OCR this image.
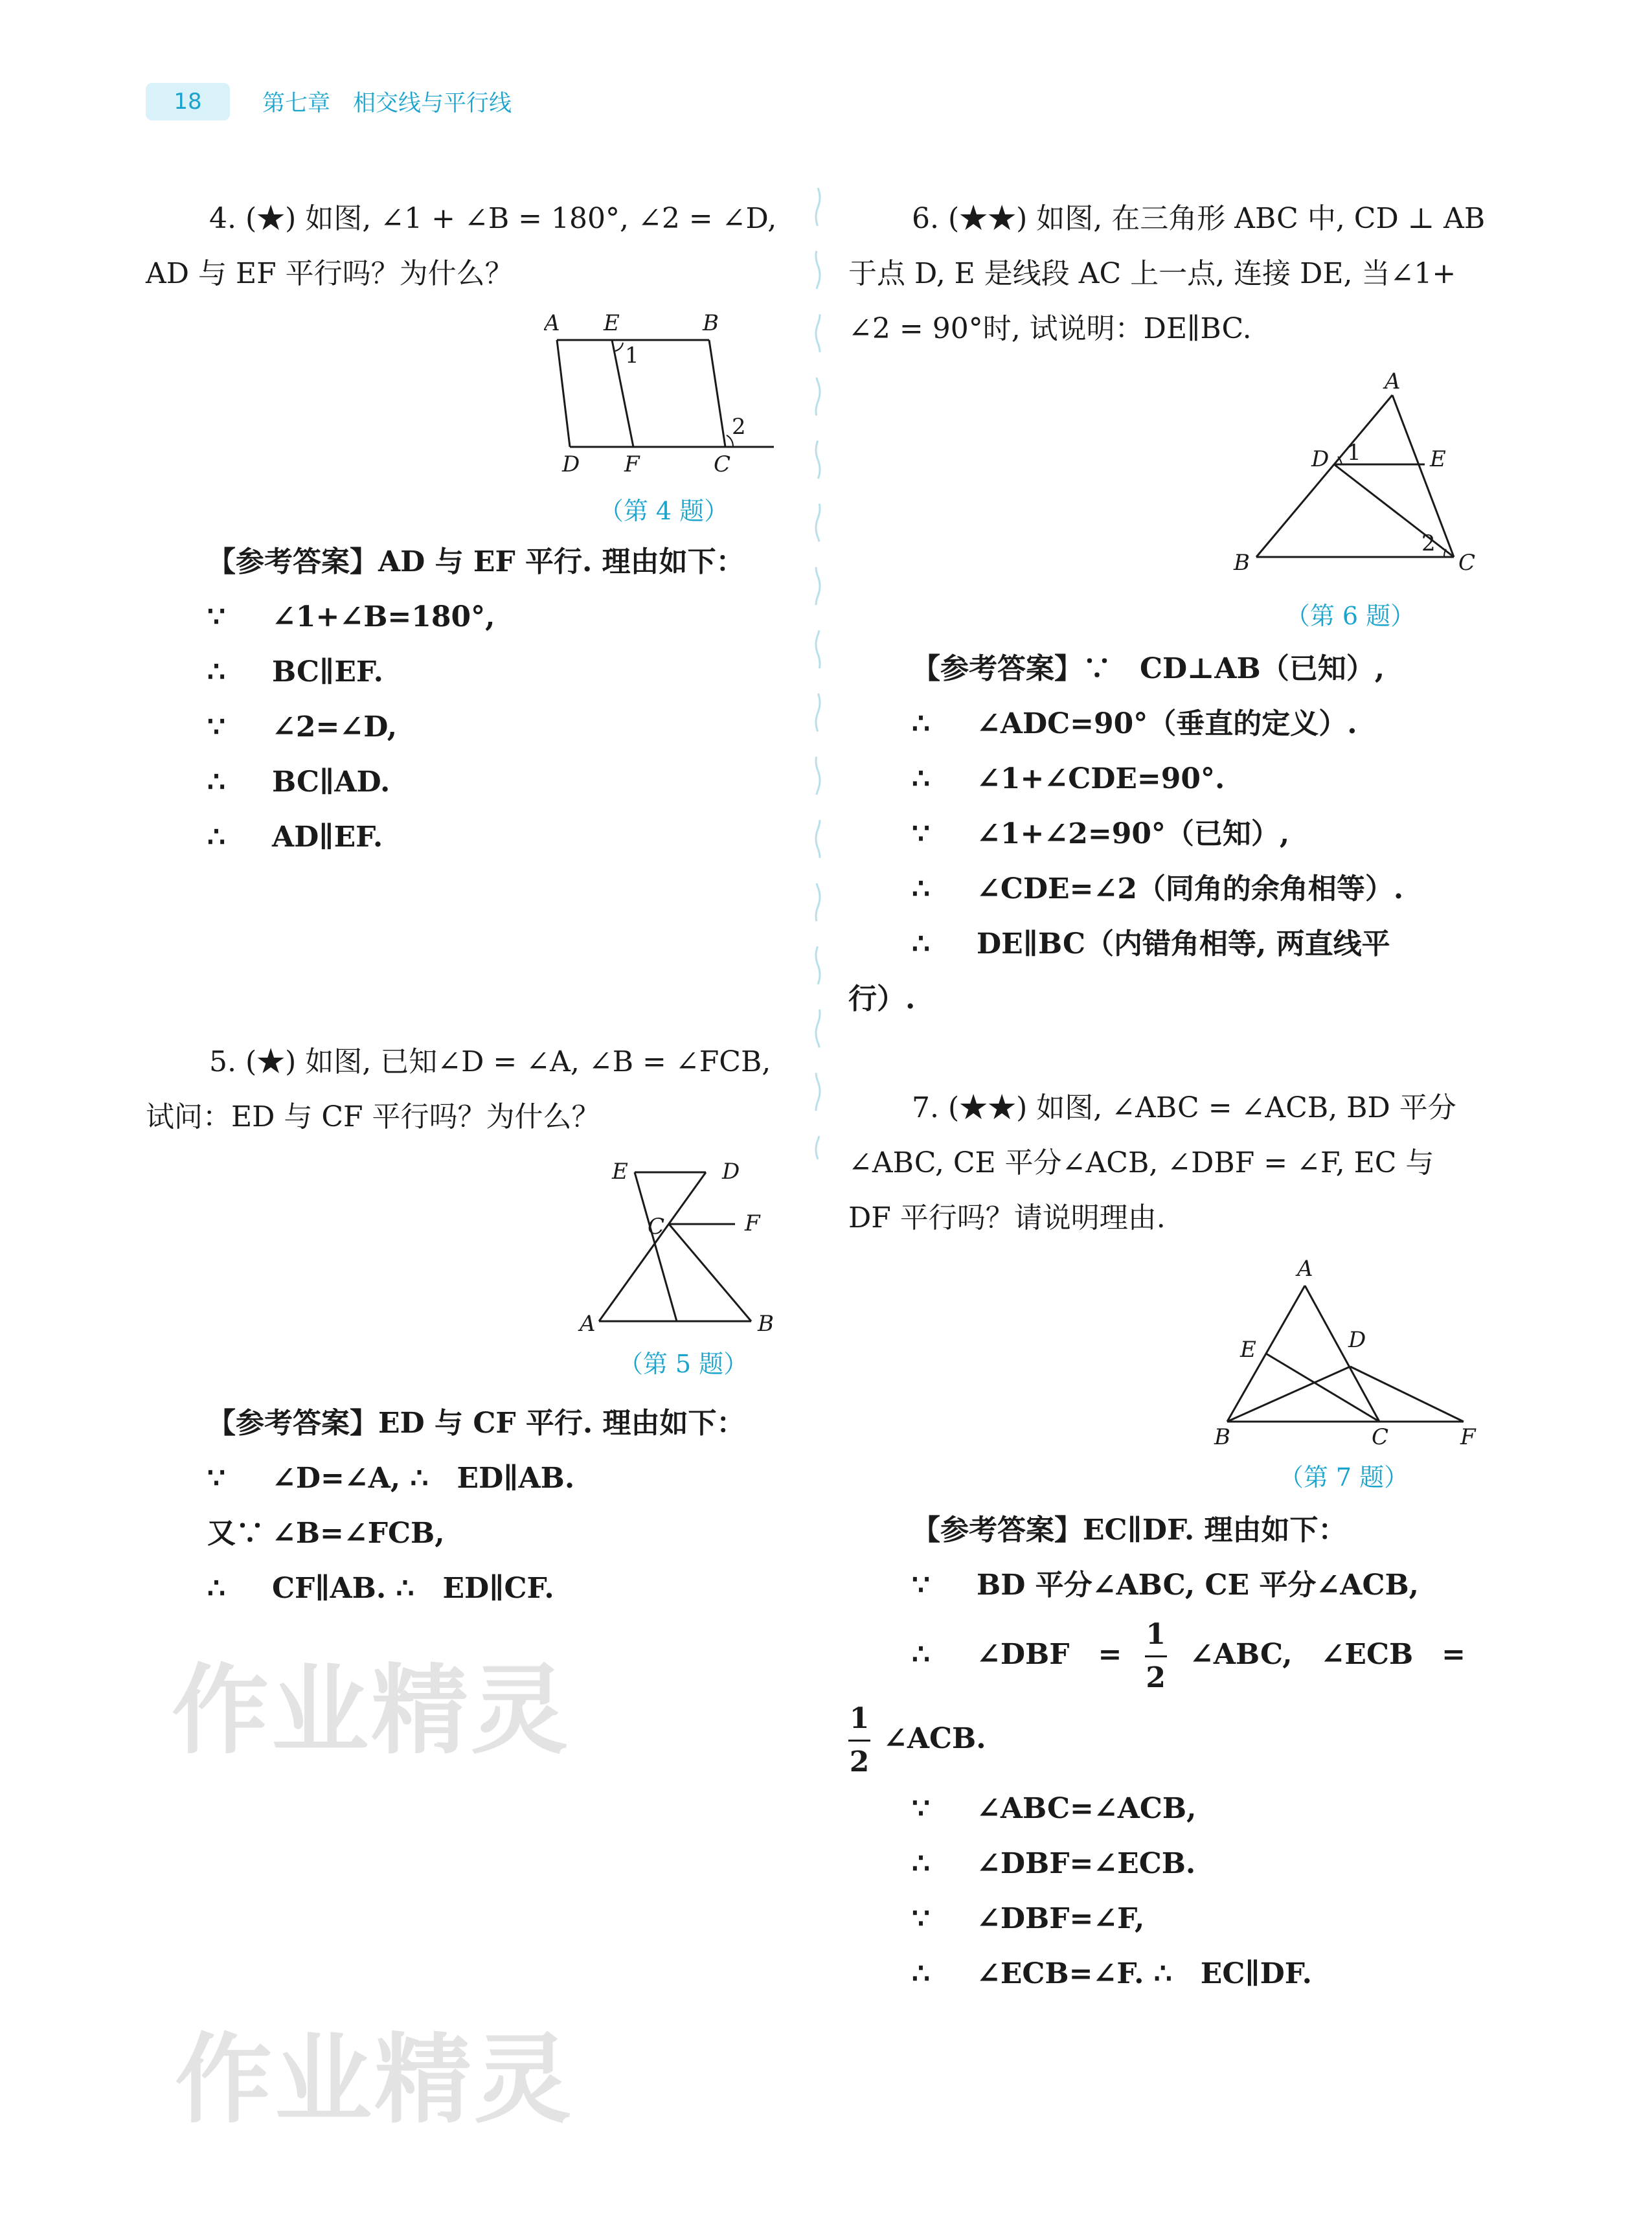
18	第七章　相交线与平行线

4. (★) 如图, ∠1 + ∠B = 180°, ∠2 = ∠D,

AD 与 EF 平行吗？为什么？

A E	B
1
2
D F	C
（第 4 题）

【参考答案】AD 与 EF 平行. 理由如下：

∵ ∠1+∠B=180°,

∴ BC∥EF.

∵ ∠2=∠D,

∴ BC∥AD.

∴ AD∥EF.

5. (★) 如图, 已知∠D = ∠A, ∠B = ∠FCB,

试问：ED 与 CF 平行吗？为什么？

E	D
C	F
A	B
（第 5 题）

【参考答案】ED 与 CF 平行. 理由如下：

∵ ∠D=∠A, ∴　ED∥AB.

又∵ ∠B=∠FCB,

∴ CF∥AB. ∴　ED∥CF.

6. (★★) 如图, 在三角形 ABC 中, CD ⊥ AB

于点 D, E 是线段 AC 上一点, 连接 DE, 当∠1+

∠2 = 90°时, 试说明：DE∥BC.

A
D 1	E
2
B	C
（第 6 题）

【参考答案】∵　CD⊥AB（已知）,

∴ ∠ADC=90°（垂直的定义）.

∴ ∠1+∠CDE=90°.

∵ ∠1+∠2=90°（已知）,

∴ ∠CDE=∠2（同角的余角相等）.

∴ DE∥BC（内错角相等, 两直线平

行）.

7. (★★) 如图, ∠ABC = ∠ACB, BD 平分

∠ABC, CE 平分∠ACB, ∠DBF = ∠F, EC 与

DF 平行吗？请说明理由.

A
E	D
B	C	F
（第 7 题）

【参考答案】EC∥DF. 理由如下：

∵ BD 平分∠ABC, CE 平分∠ACB,

∴ ∠DBF　= $\frac{1}{2}$ ∠ABC,　∠ECB　=

$\frac{1}{2}$ ∠ACB.

∵ ∠ABC=∠ACB,

∴ ∠DBF=∠ECB.

∵ ∠DBF=∠F,

∴ ∠ECB=∠F. ∴　EC∥DF.

作业精灵
作业精灵
